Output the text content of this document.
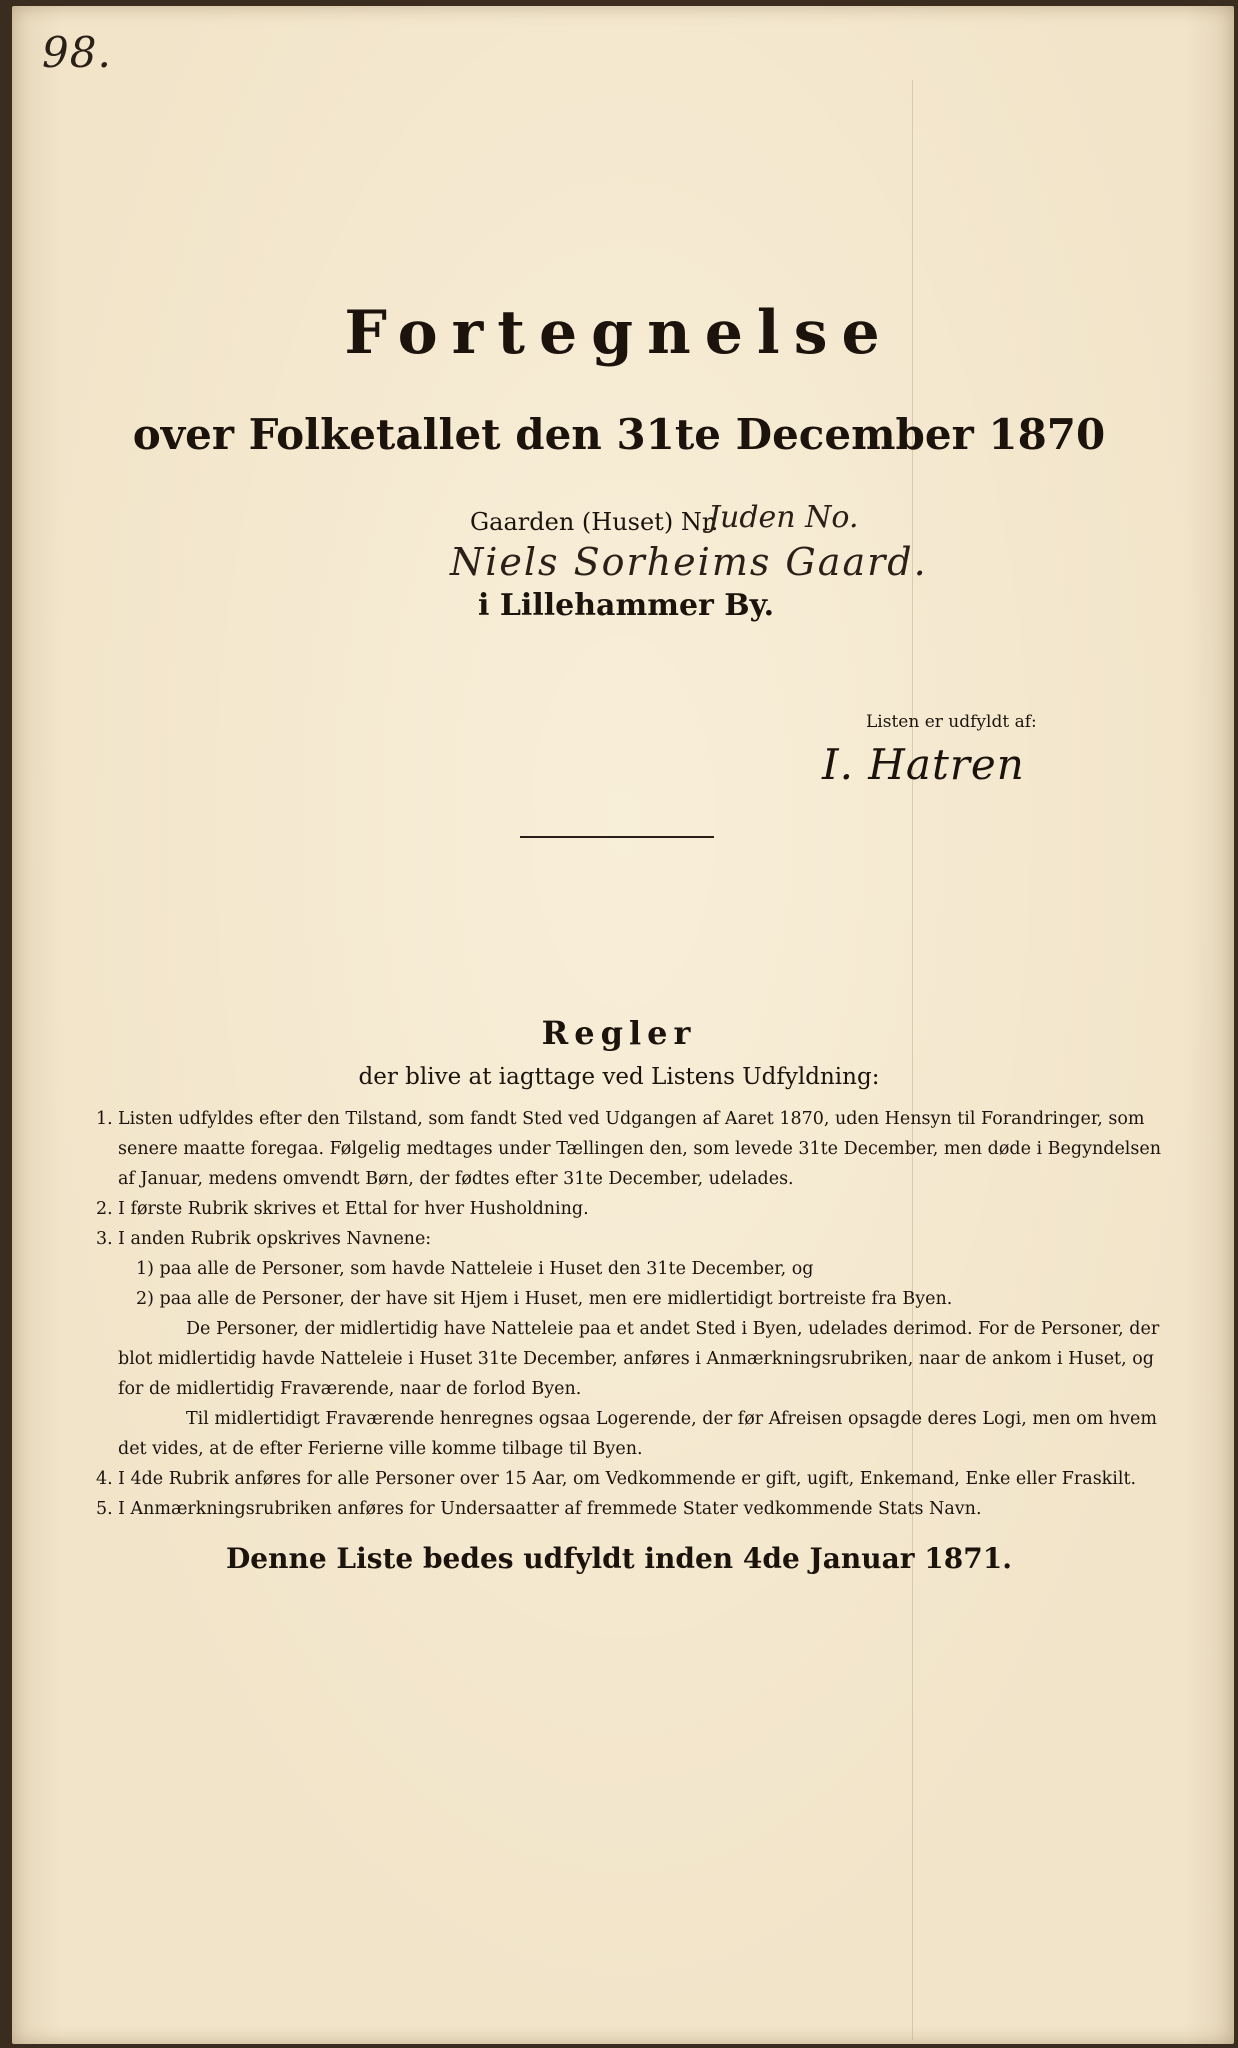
98.
Fortegnelse
over Folketallet den 31te December 1870
Gaarden (Huset) Nr.
Juden No.
Niels Sorheims Gaard.
i Lillehammer By.
Listen er udfyldt af:
I. Hatren
Regler
der blive at iagttage ved Listens Udfyldning:

1. Listen udfyldes efter den Tilstand, som fandt Sted ved Udgangen af Aaret 1870, uden Hensyn til Forandringer, som senere maatte foregaa. Følgelig medtages under Tællingen den, som levede 31te December, men døde i Begyndelsen af Januar, medens omvendt Børn, der fødtes efter 31te December, udelades.

2. I første Rubrik skrives et Ettal for hver Husholdning.

3. I anden Rubrik opskrives Navnene:

1) paa alle de Personer, som havde Natteleie i Huset den 31te December, og

2) paa alle de Personer, der have sit Hjem i Huset, men ere midlertidigt bortreiste fra Byen.

De Personer, der midlertidig have Natteleie paa et andet Sted i Byen, udelades derimod. For de Personer, der blot midlertidig havde Natteleie i Huset 31te December, anføres i Anmærkningsrubriken, naar de ankom i Huset, og for de midlertidig Fraværende, naar de forlod Byen.

Til midlertidigt Fraværende henregnes ogsaa Logerende, der før Afreisen opsagde deres Logi, men om hvem det vides, at de efter Ferierne ville komme tilbage til Byen.

4. I 4de Rubrik anføres for alle Personer over 15 Aar, om Vedkommende er gift, ugift, Enkemand, Enke eller Fraskilt.

5. I Anmærkningsrubriken anføres for Undersaatter af fremmede Stater vedkommende Stats Navn.

Denne Liste bedes udfyldt inden 4de Januar 1871.
